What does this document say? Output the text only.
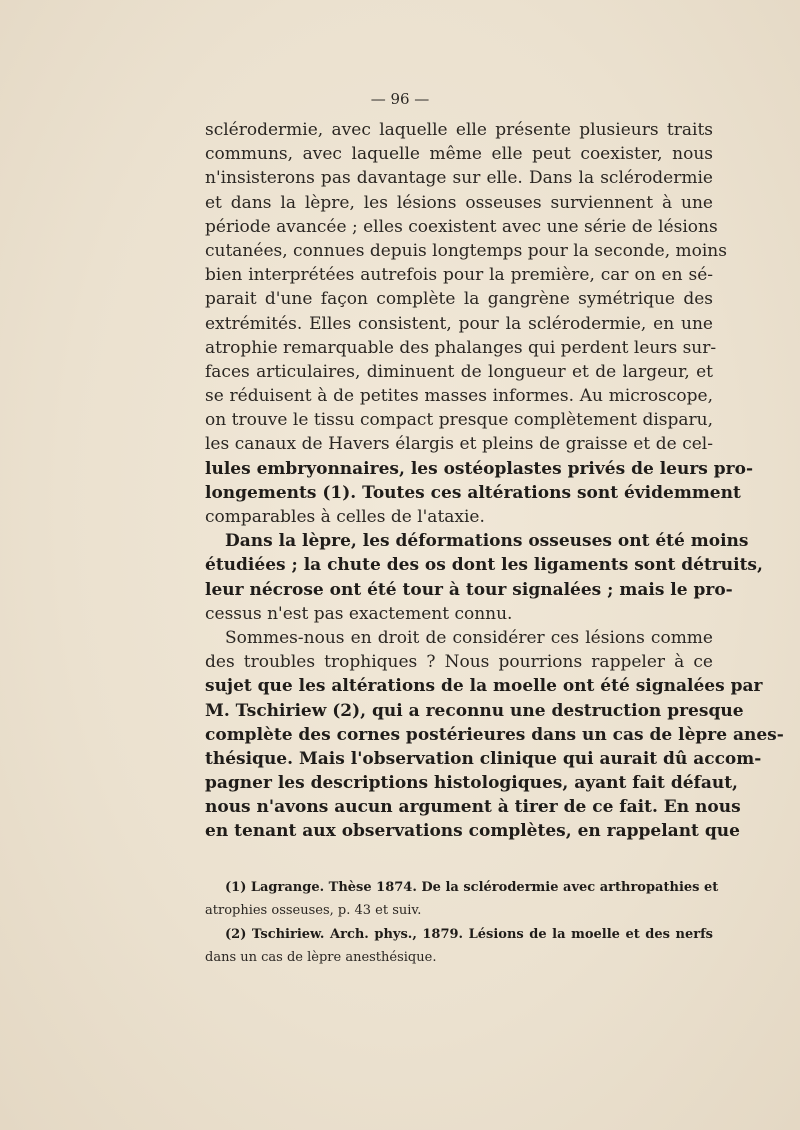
— 96 —
sclérodermie, avec laquelle elle présente plusieurs traits
communs, avec laquelle même elle peut coexister, nous
n'insisterons pas davantage sur elle. Dans la sclérodermie
et dans la lèpre, les lésions osseuses surviennent à une
période avancée ; elles coexistent avec une série de lésions
cutanées, connues depuis longtemps pour la seconde, moins
bien interprétées autrefois pour la première, car on en sé-
parait d'une façon complète la gangrène symétrique des
extrémités. Elles consistent, pour la sclérodermie, en une
atrophie remarquable des phalanges qui perdent leurs sur-
faces articulaires, diminuent de longueur et de largeur, et
se réduisent à de petites masses informes. Au microscope,
on trouve le tissu compact presque complètement disparu,
les canaux de Havers élargis et pleins de graisse et de cel-
lules embryonnaires, les ostéoplastes privés de leurs pro-
longements (1). Toutes ces altérations sont évidemment
comparables à celles de l'ataxie.
Dans la lèpre, les déformations osseuses ont été moins
étudiées ; la chute des os dont les ligaments sont détruits,
leur nécrose ont été tour à tour signalées ; mais le pro-
cessus n'est pas exactement connu.
Sommes-nous en droit de considérer ces lésions comme
des troubles trophiques ? Nous pourrions rappeler à ce
sujet que les altérations de la moelle ont été signalées par
M. Tschiriew (2), qui a reconnu une destruction presque
complète des cornes postérieures dans un cas de lèpre anes-
thésique. Mais l'observation clinique qui aurait dû accom-
pagner les descriptions histologiques, ayant fait défaut,
nous n'avons aucun argument à tirer de ce fait. En nous
en tenant aux observations complètes, en rappelant que
(1) Lagrange. Thèse 1874. De la sclérodermie avec arthropathies et
atrophies osseuses, p. 43 et suiv.
(2) Tschiriew. Arch. phys., 1879. Lésions de la moelle et des nerfs
dans un cas de lèpre anesthésique.
